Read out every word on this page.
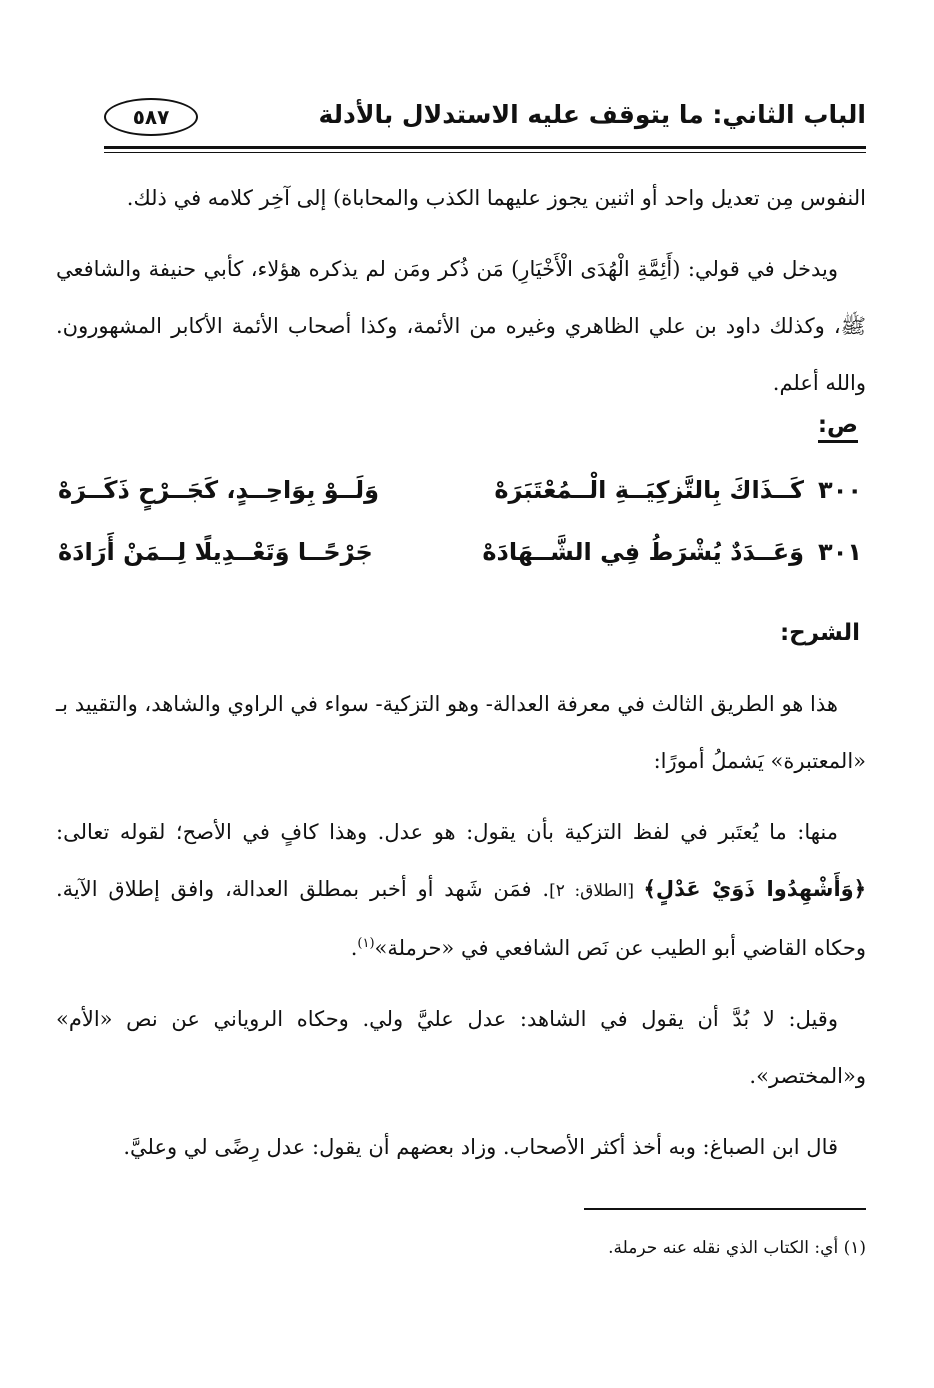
الباب الثاني: ما يتوقف عليه الاستدلال بالأدلة
٥٨٧

النفوس مِن تعديل واحد أو اثنين يجوز عليهما الكذب والمحاباة) إلى آخِر كلامه في ذلك.

ويدخل في قولي: (أَئِمَّةِ الْهُدَى الْأَخْيَارِ) مَن ذُكر ومَن لم يذكره هؤلاء، كأبي حنيفة والشافعي ﷺ، وكذلك داود بن علي الظاهري وغيره من الأئمة، وكذا أصحاب الأئمة الأكابر المشهورون. والله أعلم.

ص:
٣٠٠
كَــذَاكَ بِالتَّزكِيَــةِ الْــمُعْتَبَرَهْ
وَلَــوْ بِوَاحِــدٍ، كَجَــرْحٍ ذَكَــرَهْ
٣٠١
وَعَــدَدٌ يُشْرَطُ فِي الشَّــهَادَهْ
جَرْحًــا وَتَعْــدِيلًا لِــمَنْ أَرَادَهْ
الشرح:

هذا هو الطريق الثالث في معرفة العدالة- وهو التزكية- سواء في الراوي والشاهد، والتقييد بـ «المعتبرة» يَشملُ أمورًا:

منها: ما يُعتَبر في لفظ التزكية بأن يقول: هو عدل. وهذا كافٍ في الأصح؛ لقوله تعالى: ﴿وَأَشْهِدُوا ذَوَيْ عَدْلٍ﴾ [الطلاق: ٢]. فمَن شَهد أو أخبر بمطلق العدالة، وافق إطلاق الآية. وحكاه القاضي أبو الطيب عن نَص الشافعي في «حرملة»$^{(١)}$.

وقيل: لا بُدَّ أن يقول في الشاهد: عدل عليَّ ولي. وحكاه الروياني عن نص «الأم» و«المختصر».

قال ابن الصباغ: وبه أخذ أكثر الأصحاب. وزاد بعضهم أن يقول: عدل رِضًى لي وعليَّ.

(١) أي: الكتاب الذي نقله عنه حرملة.
